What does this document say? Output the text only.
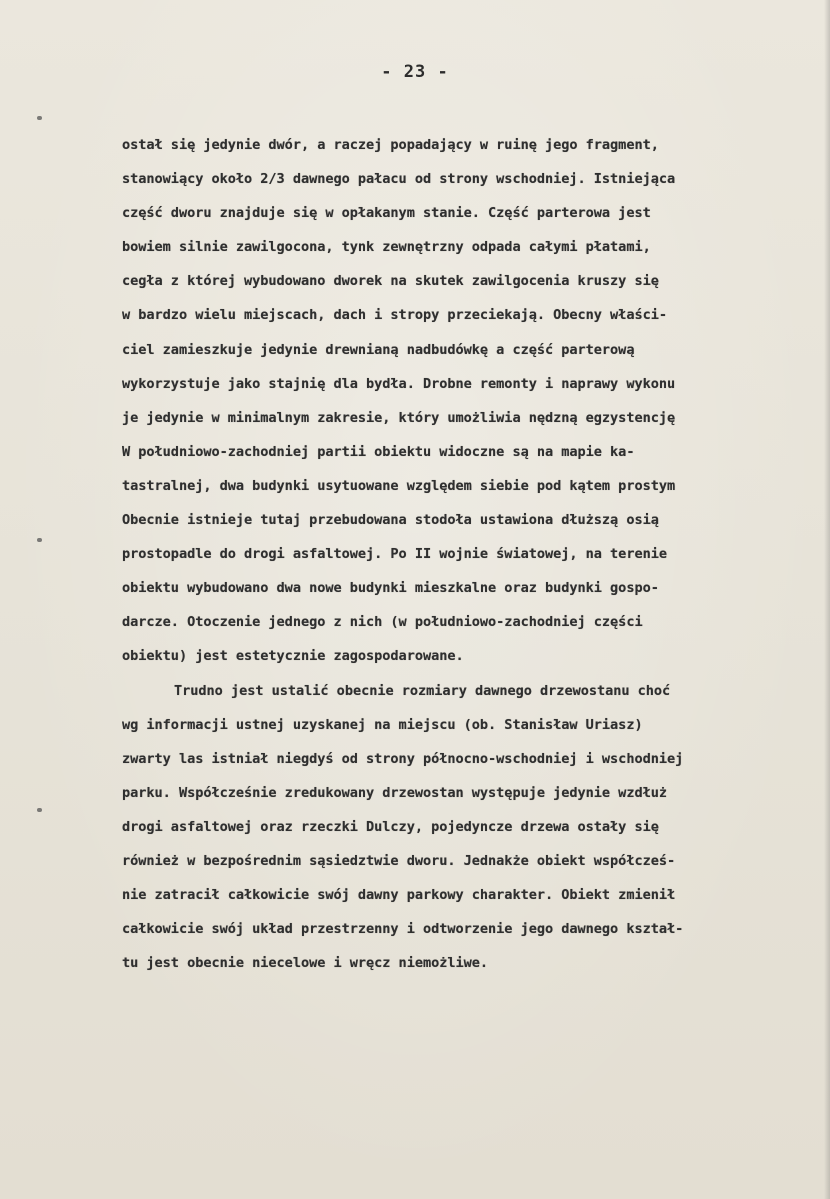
- 23 -
ostał się jedynie dwór, a raczej popadający w ruinę jego fragment,
stanowiący około 2/3 dawnego pałacu od strony wschodniej. Istniejąca
część dworu znajduje się w opłakanym stanie. Część parterowa jest
bowiem silnie zawilgocona, tynk zewnętrzny odpada całymi płatami,
cegła z której wybudowano dworek na skutek zawilgocenia kruszy się
w bardzo wielu miejscach, dach i stropy przeciekają. Obecny właści-
ciel zamieszkuje jedynie drewnianą nadbudówkę a część parterową
wykorzystuje jako stajnię dla bydła. Drobne remonty i naprawy wykonu
je jedynie w minimalnym zakresie, który umożliwia nędzną egzystencję
W południowo-zachodniej partii obiektu widoczne są na mapie ka-
tastralnej, dwa budynki usytuowane względem siebie pod kątem prostym
Obecnie istnieje tutaj przebudowana stodoła ustawiona dłuższą osią
prostopadle do drogi asfaltowej. Po II wojnie światowej, na terenie
obiektu wybudowano dwa nowe budynki mieszkalne oraz budynki gospo-
darcze. Otoczenie jednego z nich (w południowo-zachodniej części
obiektu) jest estetycznie zagospodarowane.
Trudno jest ustalić obecnie rozmiary dawnego drzewostanu choć
wg informacji ustnej uzyskanej na miejscu (ob. Stanisław Uriasz)
zwarty las istniał niegdyś od strony północno-wschodniej i wschodniej
parku. Współcześnie zredukowany drzewostan występuje jedynie wzdłuż
drogi asfaltowej oraz rzeczki Dulczy, pojedyncze drzewa ostały się
również w bezpośrednim sąsiedztwie dworu. Jednakże obiekt współcześ-
nie zatracił całkowicie swój dawny parkowy charakter. Obiekt zmienił
całkowicie swój układ przestrzenny i odtworzenie jego dawnego kształ-
tu jest obecnie niecelowe i wręcz niemożliwe.
